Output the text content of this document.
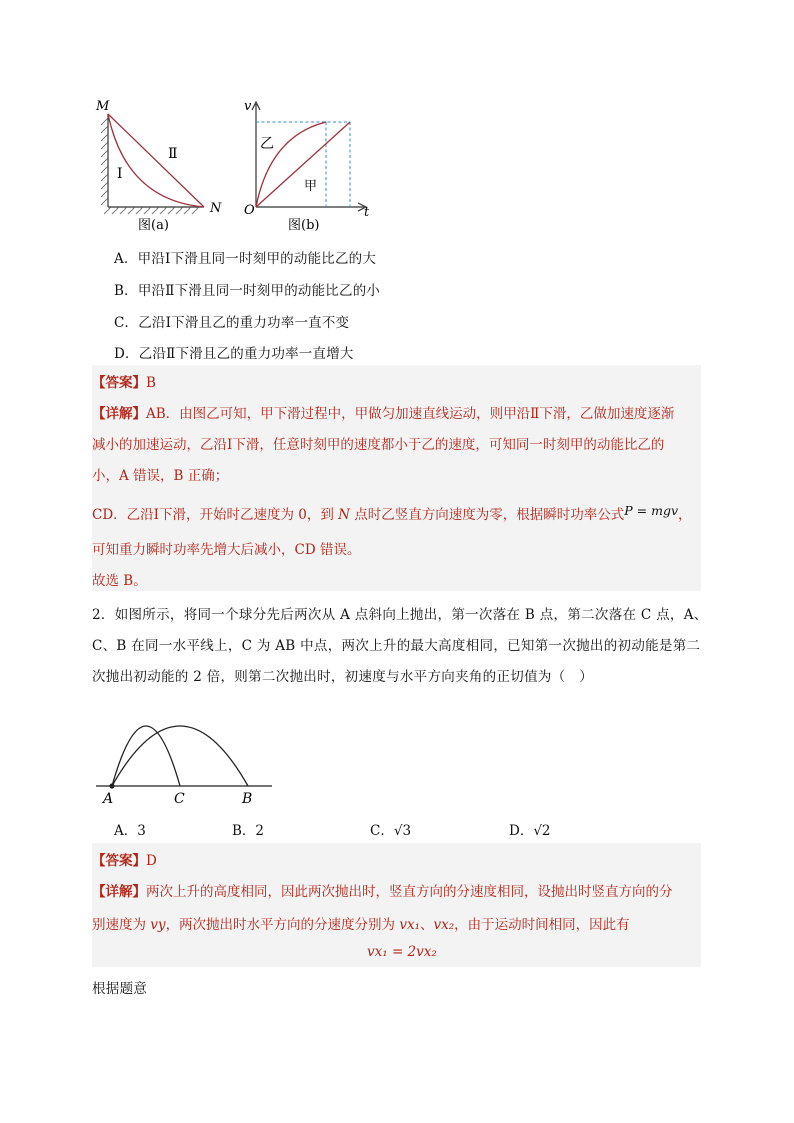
M
Ⅰ
Ⅱ
N
图(a)
v
乙
甲
O	t
图(b)
A．甲沿Ⅰ下滑且同一时刻甲的动能比乙的大
B．甲沿Ⅱ下滑且同一时刻甲的动能比乙的小
C．乙沿Ⅰ下滑且乙的重力功率一直不变
D．乙沿Ⅱ下滑且乙的重力功率一直增大
【答案】B
【详解】AB．由图乙可知，甲下滑过程中，甲做匀加速直线运动，则甲沿Ⅱ下滑，乙做加速度逐渐
减小的加速运动，乙沿Ⅰ下滑，任意时刻甲的速度都小于乙的速度，可知同一时刻甲的动能比乙的
小，A 错误，B 正确；
CD．乙沿Ⅰ下滑，开始时乙速度为 0，到 N 点时乙竖直方向速度为零，根据瞬时功率公式P = mgv，
可知重力瞬时功率先增大后减小，CD 错误。
故选 B。
2．如图所示，将同一个球分先后两次从 A 点斜向上抛出，第一次落在 B 点，第二次落在 C 点，A、
C、B 在同一水平线上，C 为 AB 中点，两次上升的最大高度相同，已知第一次抛出的初动能是第二
次抛出初动能的 2 倍，则第二次抛出时，初速度与水平方向夹角的正切值为（　）
A	C	B
A．3	B．2	C．√3	D．√2
【答案】D
【详解】两次上升的高度相同，因此两次抛出时，竖直方向的分速度相同，设抛出时竖直方向的分
别速度为 vy，两次抛出时水平方向的分速度分别为 vx₁、vx₂，由于运动时间相同，因此有
vx₁ = 2vx₂
根据题意
